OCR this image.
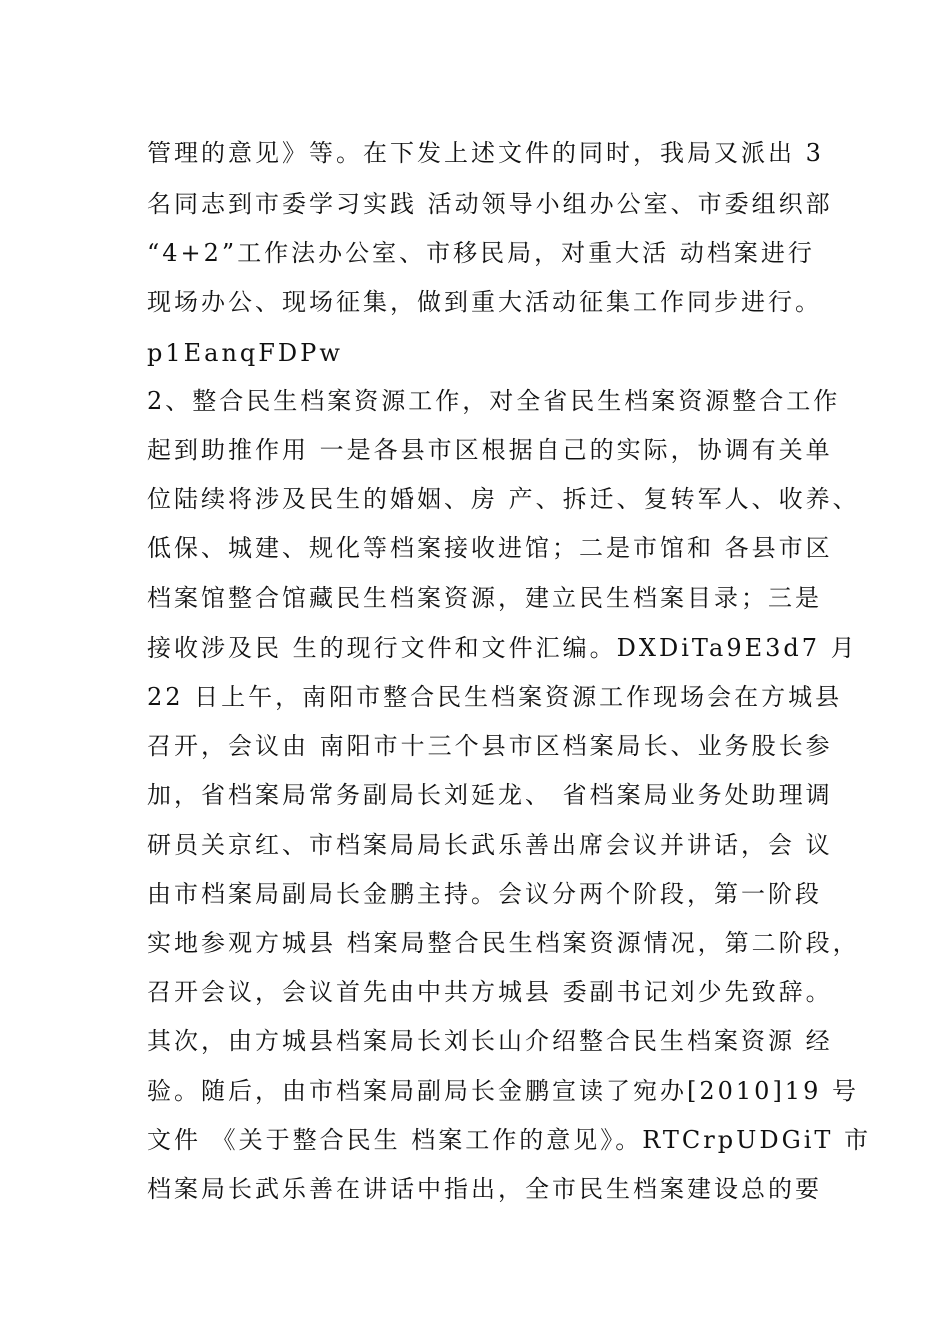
管理的意见》等。在下发上述文件的同时，我局又派出 3

名同志到市委学习实践 活动领导小组办公室、市委组织部

“4+2”工作法办公室、市移民局，对重大活 动档案进行

现场办公、现场征集，做到重大活动征集工作同步进行。

p1EanqFDPw

2、整合民生档案资源工作，对全省民生档案资源整合工作

起到助推作用 一是各县市区根据自己的实际，协调有关单

位陆续将涉及民生的婚姻、房 产、拆迁、复转军人、收养、

低保、城建、规化等档案接收进馆；二是市馆和 各县市区

档案馆整合馆藏民生档案资源，建立民生档案目录；三是

接收涉及民 生的现行文件和文件汇编。DXDiTa9E3d7 月

22 日上午，南阳市整合民生档案资源工作现场会在方城县

召开，会议由 南阳市十三个县市区档案局长、业务股长参

加，省档案局常务副局长刘延龙、 省档案局业务处助理调

研员关京红、市档案局局长武乐善出席会议并讲话，会 议

由市档案局副局长金鹏主持。会议分两个阶段，第一阶段

实地参观方城县 档案局整合民生档案资源情况，第二阶段，

召开会议，会议首先由中共方城县 委副书记刘少先致辞。

其次，由方城县档案局长刘长山介绍整合民生档案资源 经

验。随后，由市档案局副局长金鹏宣读了宛办[2010]19 号

文件 《关于整合民生 档案工作的意见》。RTCrpUDGiT 市

档案局长武乐善在讲话中指出，全市民生档案建设总的要
